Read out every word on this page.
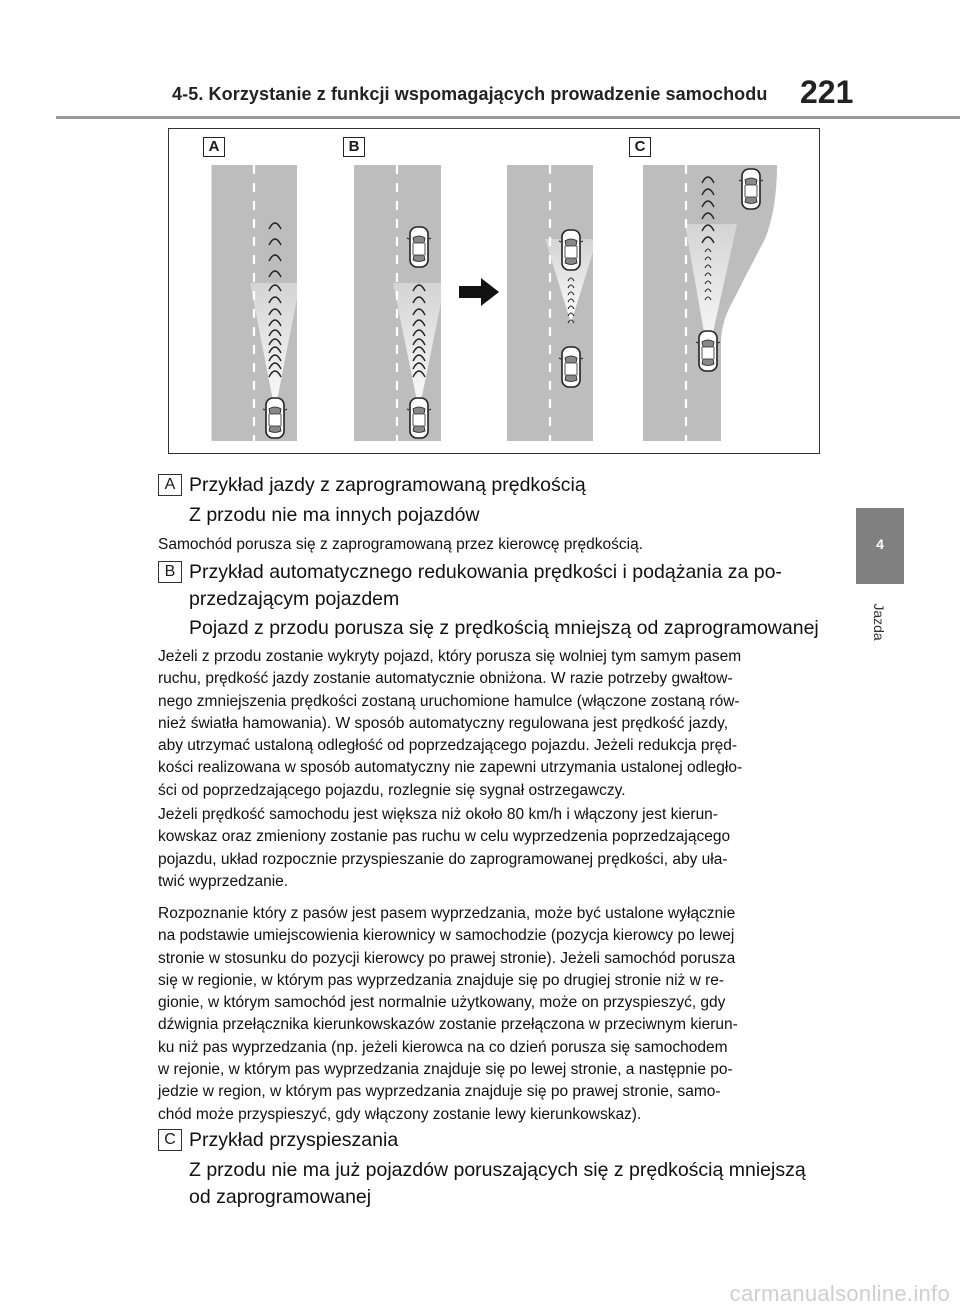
4-5. Korzystanie z funkcji wspomagających prowadzenie samochodu 221
4
Jazda
A	B	C
A Przykład jazdy z zaprogramowaną prędkością
Z przodu nie ma innych pojazdów

Samochód porusza się z zaprogramowaną przez kierowcę prędkością.

B Przykład automatycznego redukowania prędkości i podążania za po-
przedzającym pojazdem
Pojazd z przodu porusza się z prędkością mniejszą od zaprogramowanej

Jeżeli z przodu zostanie wykryty pojazd, który porusza się wolniej tym samym pasem
ruchu, prędkość jazdy zostanie automatycznie obniżona. W razie potrzeby gwałtow-
nego zmniejszenia prędkości zostaną uruchomione hamulce (włączone zostaną rów-
nież światła hamowania). W sposób automatyczny regulowana jest prędkość jazdy,
aby utrzymać ustaloną odległość od poprzedzającego pojazdu. Jeżeli redukcja pręd-
kości realizowana w sposób automatyczny nie zapewni utrzymania ustalonej odległo-
ści od poprzedzającego pojazdu, rozlegnie się sygnał ostrzegawczy.

Jeżeli prędkość samochodu jest większa niż około 80 km/h i włączony jest kierun-
kowskaz oraz zmieniony zostanie pas ruchu w celu wyprzedzenia poprzedzającego
pojazdu, układ rozpocznie przyspieszanie do zaprogramowanej prędkości, aby uła-
twić wyprzedzanie.

Rozpoznanie który z pasów jest pasem wyprzedzania, może być ustalone wyłącznie
na podstawie umiejscowienia kierownicy w samochodzie (pozycja kierowcy po lewej
stronie w stosunku do pozycji kierowcy po prawej stronie). Jeżeli samochód porusza
się w regionie, w którym pas wyprzedzania znajduje się po drugiej stronie niż w re-
gionie, w którym samochód jest normalnie użytkowany, może on przyspieszyć, gdy
dźwignia przełącznika kierunkowskazów zostanie przełączona w przeciwnym kierun-
ku niż pas wyprzedzania (np. jeżeli kierowca na co dzień porusza się samochodem
w rejonie, w którym pas wyprzedzania znajduje się po lewej stronie, a następnie po-
jedzie w region, w którym pas wyprzedzania znajduje się po prawej stronie, samo-
chód może przyspieszyć, gdy włączony zostanie lewy kierunkowskaz).

C Przykład przyspieszania
Z przodu nie ma już pojazdów poruszających się z prędkością mniejszą
od zaprogramowanej
carmanualsonline.info
